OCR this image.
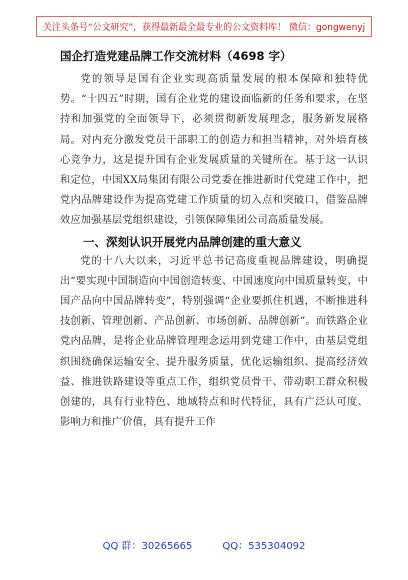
关注头条号“公文研究”，获得最新最全最专业的公文资料库！ 微信：gongwenyj
国企打造党建品牌工作交流材料（4698 字）

党的领导是国有企业实现高质量发展的根本保障和独特优势。“十四五”时期，国有企业党的建设面临新的任务和要求，在坚持和加强党的全面领导下，必须贯彻新发展理念，服务新发展格局。对内充分激发党员干部职工的创造力和担当精神，对外培育核心竞争力，这是提升国有企业发展质量的关键所在。基于这一认识和定位，中国XX局集团有限公司党委在推进新时代党建工作中，把党内品牌建设作为提高党建工作质量的切入点和突破口，借鉴品牌效应加强基层党组织建设，引领保障集团公司高质量发展。

一、深刻认识开展党内品牌创建的重大意义

党的十八大以来，习近平总书记高度重视品牌建设，明确提出“要实现中国制造向中国创造转变、中国速度向中国质量转变、中国产品向中国品牌转变”，特别强调“企业要抓住机遇，不断推进科技创新、管理创新、产品创新、市场创新、品牌创新”。而铁路企业党内品牌，是将企业品牌管理理念运用到党建工作中，由基层党组织围绕确保运输安全、提升服务质量，优化运输组织、提高经济效益、推进铁路建设等重点工作，组织党员骨干、带动职工群众积极创建的，具有行业特色、地域特点和时代特征，具有广泛认可度、影响力和推广价值，具有提升工作

QQ 群：30265665	QQ：535304092
